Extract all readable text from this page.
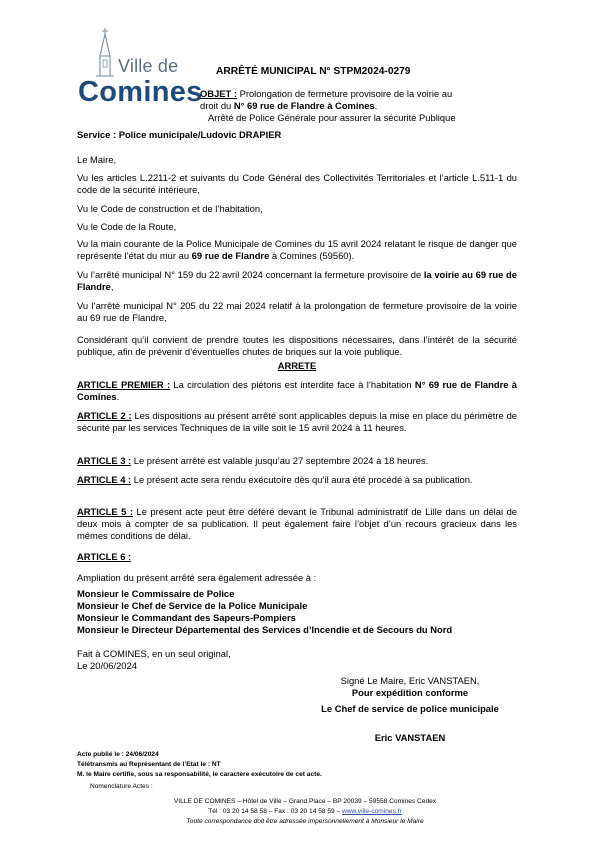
Ville de
Comines
ARRÊTÉ MUNICIPAL N° STPM2024-0279
OBJET : Prolongation de fermeture provisoire de la voirie au
droit du N° 69 rue de Flandre à Comines.
Arrêté de Police Générale pour assurer la sécurité Publique
Service : Police municipale/Ludovic DRAPIER
Le Maire,
Vu les articles L.2211-2 et suivants du Code Général des Collectivités Territoriales et l’article L.511-1 du code de la sécurité intérieure,
Vu le Code de construction et de l’habitation,
Vu le Code de la Route,
Vu la main courante de la Police Municipale de Comines du 15 avril 2024 relatant le risque de danger que représente l’état du mur au 69 rue de Flandre à Comines (59560).
Vu l’arrêté municipal N° 159 du 22 avril 2024 concernant la fermeture provisoire de la voirie au 69 rue de Flandre,
Vu l’arrêté municipal N° 205 du 22 mai 2024 relatif à la prolongation de fermeture provisoire de la voirie au 69 rue de Flandre,
Considérant qu’il convient de prendre toutes les dispositions nécessaires, dans l’intérêt de la sécurité publique, afin de prévenir d’éventuelles chutes de briques sur la voie publique.
ARRETE
ARTICLE PREMIER : La circulation des piétons est interdite face à l’habitation N° 69 rue de Flandre à Comines.
ARTICLE 2 : Les dispositions au présent arrêté sont applicables depuis la mise en place du périmètre de sécurité par les services Techniques de la ville soit le 15 avril 2024 à 11 heures.
ARTICLE 3 : Le présent arrêté est valable jusqu’au 27 septembre 2024 à 18 heures.
ARTICLE 4 : Le présent acte sera rendu exécutoire dès qu’il aura été procédé à sa publication.
ARTICLE 5 : Le présent acte peut être déféré devant le Tribunal administratif de Lille dans un délai de deux mois à compter de sa publication. Il peut également faire l’objet d’un recours gracieux dans les mêmes conditions de délai.
ARTICLE 6 :
Ampliation du présent arrêté sera également adressée à :
Monsieur le Commissaire de Police
Monsieur le Chef de Service de la Police Municipale
Monsieur le Commandant des Sapeurs-Pompiers
Monsieur le Directeur Départemental des Services d’Incendie et de Secours du Nord
Fait à COMINES, en un seul original,
Le 20/06/2024
Signé Le Maire, Eric VANSTAEN,
Pour expédition conforme
Le Chef de service de police municipale
Eric VANSTAEN
Acte publié le : 24/06/2024
Télétransmis au Représentant de l’Etat le : NT
M. le Maire certifie, sous sa responsabilité, le caractère exécutoire de cet acte.
Nomenclature Actes :
VILLE DE COMINES – Hôtel de Ville – Grand Place – BP 20039 – 59558 Comines Cedex
Tél : 03 20 14 58 58 – Fax : 03 20 14 58 59 – www.ville-comines.fr
Toute correspondance doit être adressée impersonnellement à Monsieur le Maire
